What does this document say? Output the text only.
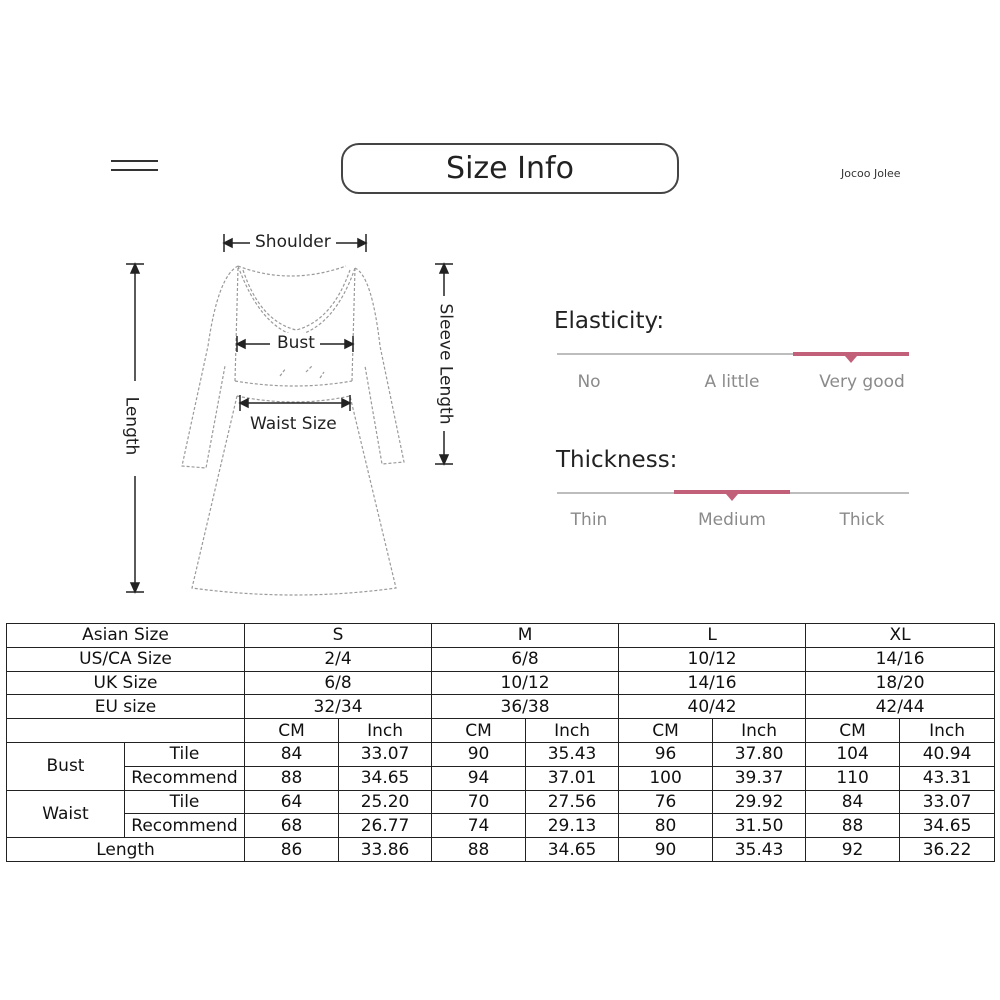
Size Info	Jocoo Jolee
Shoulder
Bust
Waist Size
Length
Sleeve Length	Elasticity:
No	A little	Very good
Thickness:
Thin	Medium	Thick
Asian Size		S		M		L		XL	
US/CA Size		2/4		6/8		10/12		14/16	
UK Size		6/8		10/12		14/16		18/20	
EU size		32/34		36/38		40/42		42/44	
		CM	Inch	CM	Inch	CM	Inch	CM	Inch
Bust	Tile	84	33.07	90	35.43	96	37.80	104	40.94
	Recommend	88	34.65	94	37.01	100	39.37	110	43.31
Waist	Tile	64	25.20	70	27.56	76	29.92	84	33.07
	Recommend	68	26.77	74	29.13	80	31.50	88	34.65
Length		86	33.86	88	34.65	90	35.43	92	36.22
